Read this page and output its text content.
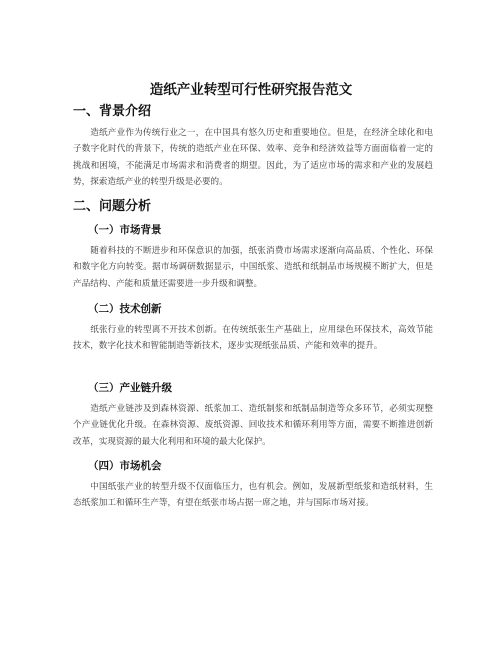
造纸产业转型可行性研究报告范文
一、背景介绍

造纸产业作为传统行业之一，在中国具有悠久历史和重要地位。但是，在经济全球化和电子数字化时代的背景下，传统的造纸产业在环保、效率、竞争和经济效益等方面面临着一定的挑战和困境，不能满足市场需求和消费者的期望。因此，为了适应市场的需求和产业的发展趋势，探索造纸产业的转型升级是必要的。

二、问题分析
（一）市场背景

随着科技的不断进步和环保意识的加强，纸张消费市场需求逐渐向高品质、个性化、环保和数字化方向转变。据市场调研数据显示，中国纸浆、造纸和纸制品市场规模不断扩大，但是产品结构、产能和质量还需要进一步升级和调整。

（二）技术创新

纸张行业的转型离不开技术创新。在传统纸张生产基础上，应用绿色环保技术，高效节能技术，数字化技术和智能制造等新技术，逐步实现纸张品质、产能和效率的提升。

（三）产业链升级

造纸产业链涉及到森林资源、纸浆加工、造纸制浆和纸制品制造等众多环节，必须实现整个产业链优化升级。在森林资源、废纸资源、回收技术和循环利用等方面，需要不断推进创新改革，实现资源的最大化利用和环境的最大化保护。

（四）市场机会

中国纸张产业的转型升级不仅面临压力，也有机会。例如，发展新型纸浆和造纸材料，生态纸浆加工和循环生产等，有望在纸张市场占据一席之地，并与国际市场对接。
